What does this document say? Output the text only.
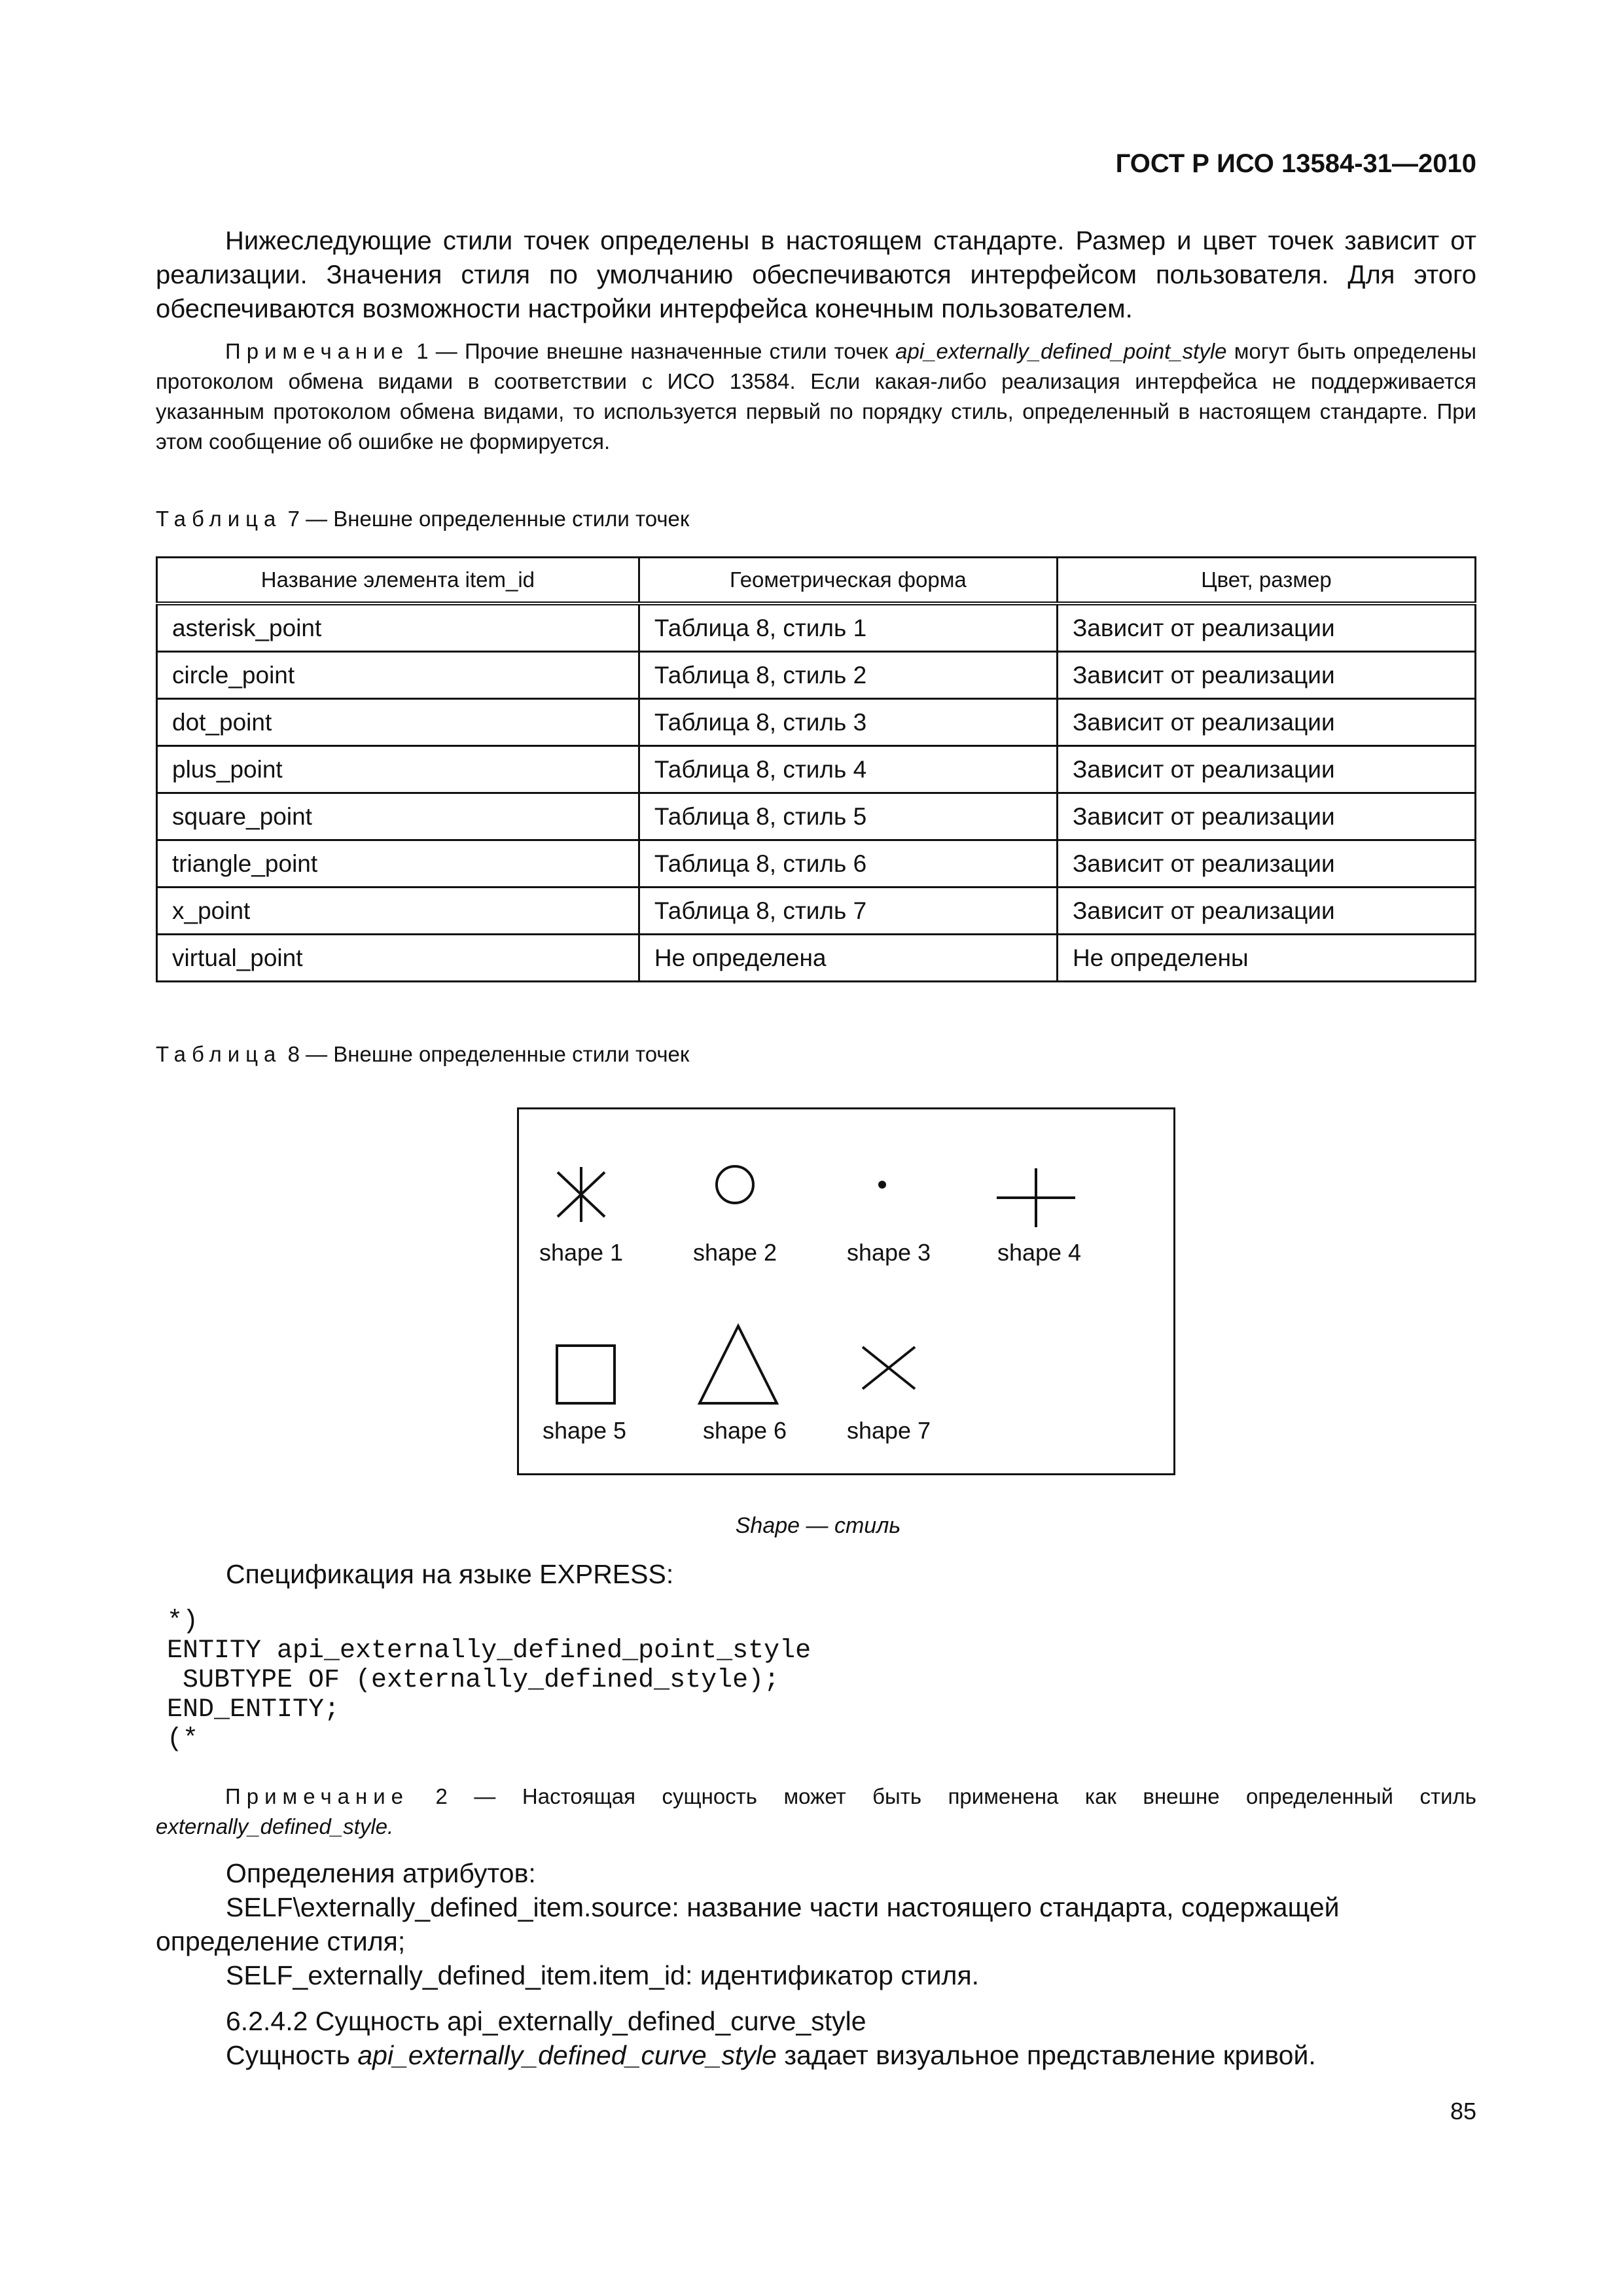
ГОСТ Р ИСО 13584-31—2010
Нижеследующие стили точек определены в настоящем стандарте. Размер и цвет точек зависит от реализации. Значения стиля по умолчанию обеспечиваются интерфейсом пользователя. Для этого обеспечиваются возможности настройки интерфейса конечным пользователем.
Примечание 1 — Прочие внешне назначенные стили точек api_externally_defined_point_style могут быть определены протоколом обмена видами в соответствии с ИСО 13584. Если какая-либо реализация интерфейса не поддерживается указанным протоколом обмена видами, то используется первый по порядку стиль, определенный в настоящем стандарте. При этом сообщение об ошибке не формируется.
Таблица 7 — Внешне определенные стили точек
Название элемента item_id	Геометрическая форма	Цвет, размер
asterisk_point	Таблица 8, стиль 1	Зависит от реализации
circle_point	Таблица 8, стиль 2	Зависит от реализации
dot_point	Таблица 8, стиль 3	Зависит от реализации
plus_point	Таблица 8, стиль 4	Зависит от реализации
square_point	Таблица 8, стиль 5	Зависит от реализации
triangle_point	Таблица 8, стиль 6	Зависит от реализации
x_point	Таблица 8, стиль 7	Зависит от реализации
virtual_point	Не определена	Не определены
Таблица 8 — Внешне определенные стили точек
shape 1	shape 2	shape 3	shape 4
shape 5	shape 6	shape 7
Shape — стиль
Спецификация на языке EXPRESS:
*)
ENTITY api_externally_defined_point_style
SUBTYPE OF (externally_defined_style);
END_ENTITY;
(*
Примечание 2 — Настоящая сущность может быть применена как внешне определенный стиль externally_defined_style.

Определения атрибутов:

SELF\externally_defined_item.source: название части настоящего стандарта, содержащей определение стиля;

SELF_externally_defined_item.item_id: идентификатор стиля.

6.2.4.2 Сущность api_externally_defined_curve_style
Сущность api_externally_defined_curve_style задает визуальное представление кривой.
85
